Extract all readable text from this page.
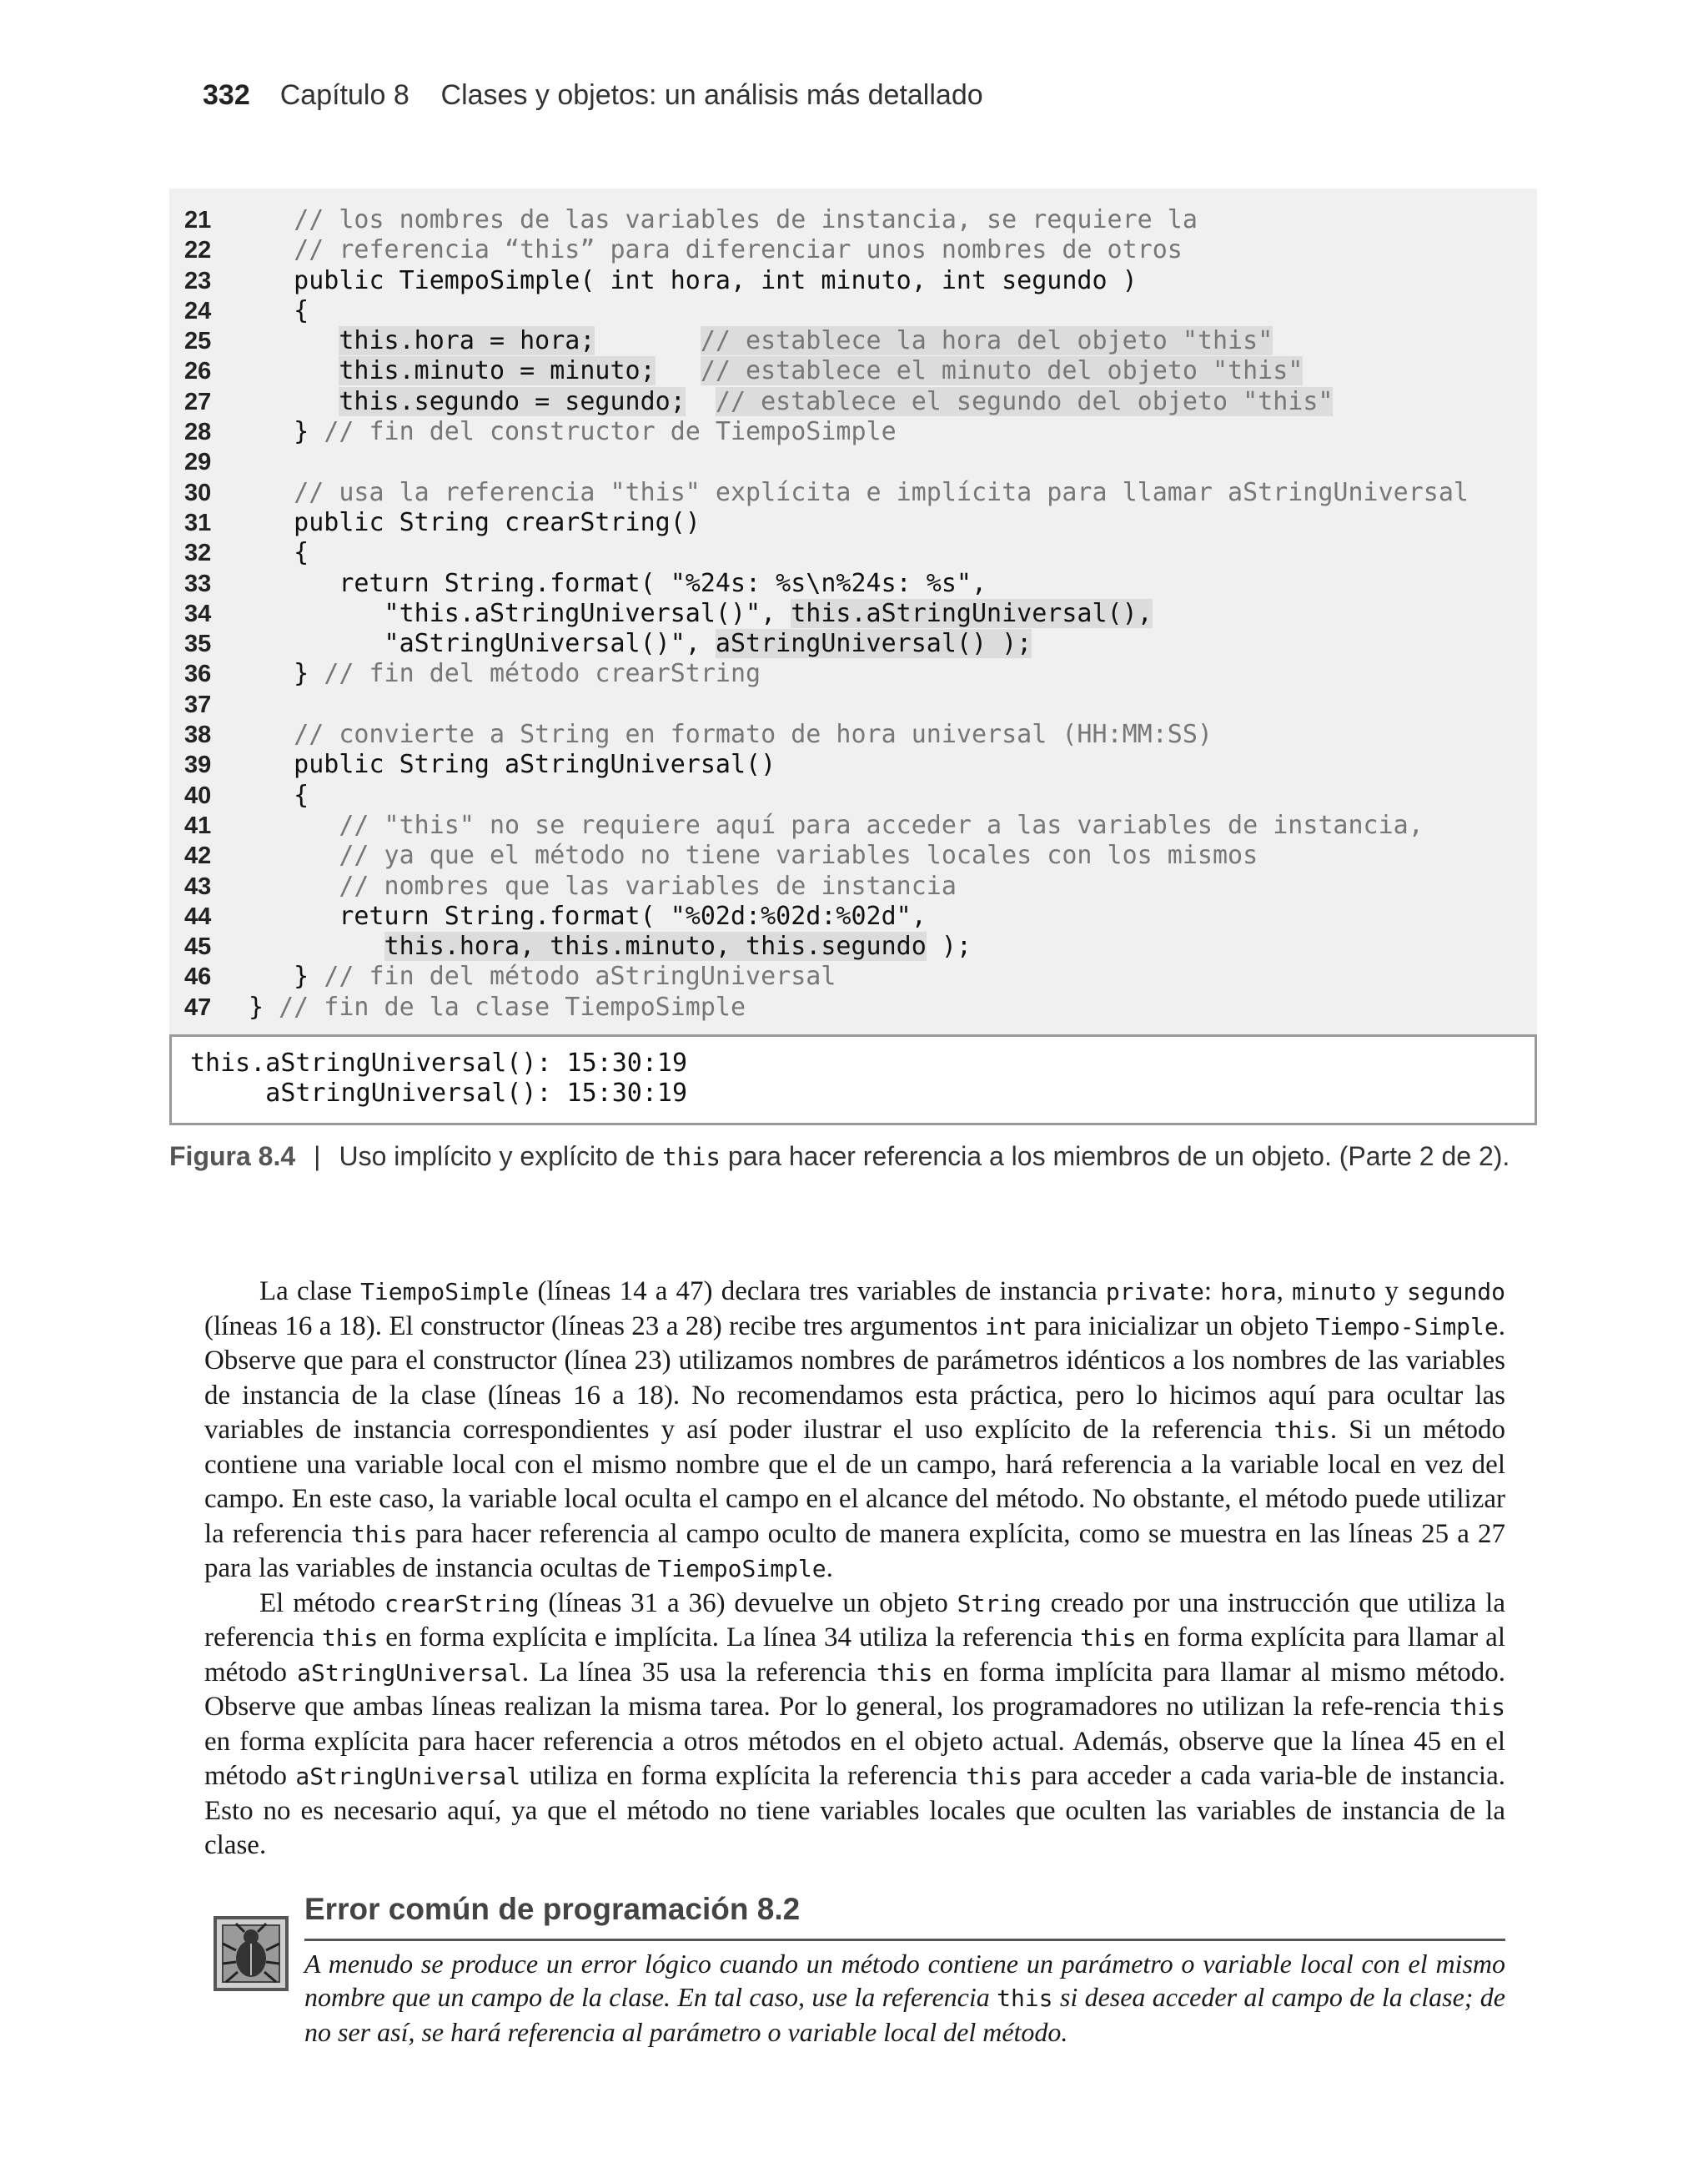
332 Capítulo 8    Clases y objetos: un análisis más detallado
21	// los nombres de las variables de instancia, se requiere la
22	// referencia “this” para diferenciar unos nombres de otros
23	public TiempoSimple( int hora, int minuto, int segundo )
24	{
25	this.hora = hora;	// establece la hora del objeto "this"
26	this.minuto = minuto; // establece el minuto del objeto "this"
27	this.segundo = segundo; // establece el segundo del objeto "this"
28	} // fin del constructor de TiempoSimple
29
30	// usa la referencia "this" explícita e implícita para llamar aStringUniversal
31	public String crearString()
32	{
33	return String.format( "%24s: %s\n%24s: %s",
34	"this.aStringUniversal()", this.aStringUniversal(),
35	"aStringUniversal()", aStringUniversal() );
36	} // fin del método crearString
37
38	// convierte a String en formato de hora universal (HH:MM:SS)
39	public String aStringUniversal()
40	{
41	// "this" no se requiere aquí para acceder a las variables de instancia,
42	// ya que el método no tiene variables locales con los mismos
43	// nombres que las variables de instancia
44	return String.format( "%02d:%02d:%02d",
45	this.hora, this.minuto, this.segundo );
46	} // fin del método aStringUniversal
47	} // fin de la clase TiempoSimple
this.aStringUniversal(): 15:30:19
aStringUniversal(): 15:30:19
Figura 8.4 | Uso implícito y explícito de this para hacer referencia a los miembros de un objeto. (Parte 2 de 2).

La clase TiempoSimple (líneas 14 a 47) declara tres variables de instancia private: hora, minuto y segundo (líneas 16 a 18). El constructor (líneas 23 a 28) recibe tres argumentos int para inicializar un objeto Tiempo-Simple. Observe que para el constructor (línea 23) utilizamos nombres de parámetros idénticos a los nombres de las variables de instancia de la clase (líneas 16 a 18). No recomendamos esta práctica, pero lo hicimos aquí para ocultar las variables de instancia correspondientes y así poder ilustrar el uso explícito de la referencia this. Si un método contiene una variable local con el mismo nombre que el de un campo, hará referencia a la variable local en vez del campo. En este caso, la variable local oculta el campo en el alcance del método. No obstante, el método puede utilizar la referencia this para hacer referencia al campo oculto de manera explícita, como se muestra en las líneas 25 a 27 para las variables de instancia ocultas de TiempoSimple.

El método crearString (líneas 31 a 36) devuelve un objeto String creado por una instrucción que utiliza la referencia this en forma explícita e implícita. La línea 34 utiliza la referencia this en forma explícita para llamar al método aStringUniversal. La línea 35 usa la referencia this en forma implícita para llamar al mismo método. Observe que ambas líneas realizan la misma tarea. Por lo general, los programadores no utilizan la refe-rencia this en forma explícita para hacer referencia a otros métodos en el objeto actual. Además, observe que la línea 45 en el método aStringUniversal utiliza en forma explícita la referencia this para acceder a cada varia-ble de instancia. Esto no es necesario aquí, ya que el método no tiene variables locales que oculten las variables de instancia de la clase.

Error común de programación 8.2
A menudo se produce un error lógico cuando un método contiene un parámetro o variable local con el mismo nombre que un campo de la clase. En tal caso, use la referencia this si desea acceder al campo de la clase; de no ser así, se hará referencia al parámetro o variable local del método.
